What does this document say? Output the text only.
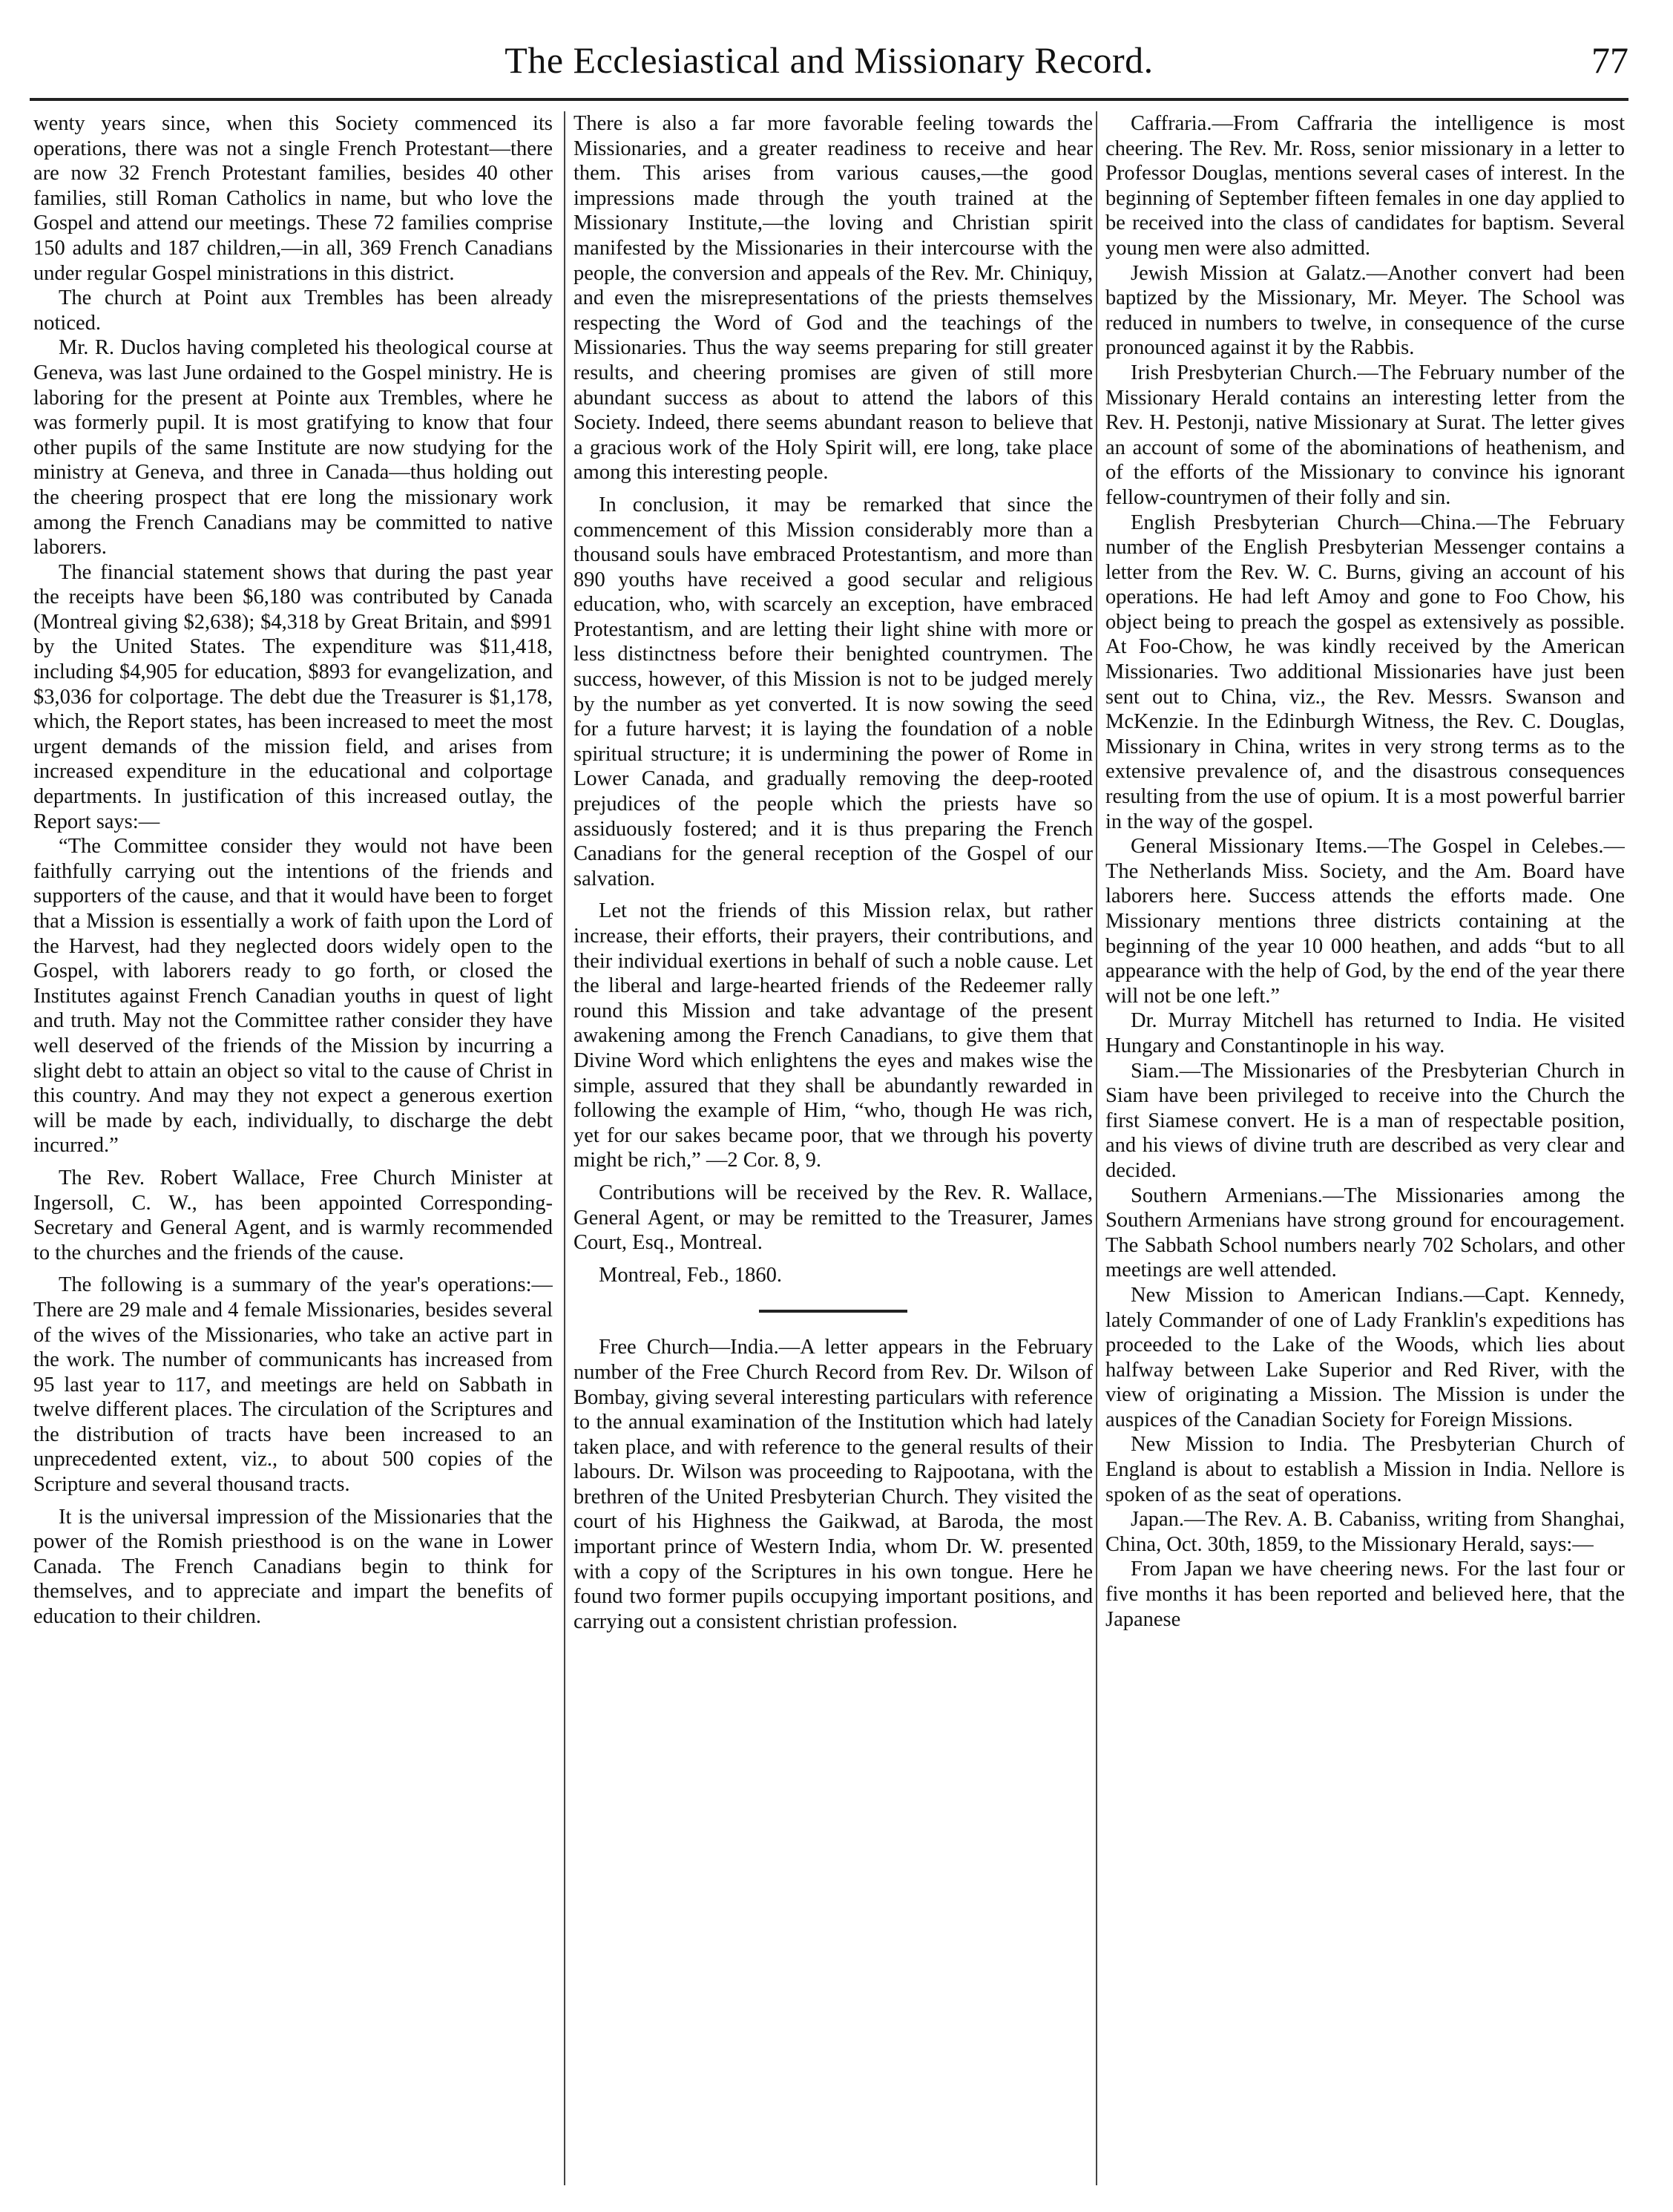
The Ecclesiastical and Missionary Record.	77

wenty years since, when this Society commenced its operations, there was not a single French Protestant—there are now 32 French Protestant families, besides 40 other families, still Roman Catholics in name, but who love the Gospel and attend our meetings. These 72 families comprise 150 adults and 187 children,—in all, 369 French Canadians under regular Gospel ministrations in this district.

The church at Point aux Trembles has been already noticed.

Mr. R. Duclos having completed his theological course at Geneva, was last June ordained to the Gospel ministry. He is laboring for the present at Pointe aux Trembles, where he was formerly pupil. It is most gratifying to know that four other pupils of the same Institute are now studying for the ministry at Geneva, and three in Canada—thus holding out the cheering prospect that ere long the missionary work among the French Canadians may be committed to native laborers.

The financial statement shows that during the past year the receipts have been $6,180 was contributed by Canada (Montreal giving $2,638); $4,318 by Great Britain, and $991 by the United States. The expenditure was $11,418, including $4,905 for education, $893 for evangelization, and $3,036 for colportage. The debt due the Treasurer is $1,178, which, the Report states, has been increased to meet the most urgent demands of the mission field, and arises from increased expenditure in the educational and colportage departments. In justification of this increased outlay, the Report says:—

“The Committee consider they would not have been faithfully carrying out the intentions of the friends and supporters of the cause, and that it would have been to forget that a Mission is essentially a work of faith upon the Lord of the Harvest, had they neglected doors widely open to the Gospel, with laborers ready to go forth, or closed the Institutes against French Canadian youths in quest of light and truth. May not the Committee rather consider they have well deserved of the friends of the Mission by incurring a slight debt to attain an object so vital to the cause of Christ in this country. And may they not expect a generous exertion will be made by each, individually, to discharge the debt incurred.”

The Rev. Robert Wallace, Free Church Minister at Ingersoll, C. W., has been appointed Corresponding-Secretary and General Agent, and is warmly recommended to the churches and the friends of the cause.

The following is a summary of the year's operations:—There are 29 male and 4 female Missionaries, besides several of the wives of the Missionaries, who take an active part in the work. The number of communicants has increased from 95 last year to 117, and meetings are held on Sabbath in twelve different places. The circulation of the Scriptures and the distribution of tracts have been increased to an unprecedented extent, viz., to about 500 copies of the Scripture and several thousand tracts.

It is the universal impression of the Missionaries that the power of the Romish priesthood is on the wane in Lower Canada. The French Canadians begin to think for themselves, and to appreciate and impart the benefits of education to their children.

There is also a far more favorable feeling towards the Missionaries, and a greater readiness to receive and hear them. This arises from various causes,—the good impressions made through the youth trained at the Missionary Institute,—the loving and Christian spirit manifested by the Missionaries in their intercourse with the people, the conversion and appeals of the Rev. Mr. Chiniquy, and even the misrepresentations of the priests themselves respecting the Word of God and the teachings of the Missionaries. Thus the way seems preparing for still greater results, and cheering promises are given of still more abundant success as about to attend the labors of this Society. Indeed, there seems abundant reason to believe that a gracious work of the Holy Spirit will, ere long, take place among this interesting people.

In conclusion, it may be remarked that since the commencement of this Mission considerably more than a thousand souls have embraced Protestantism, and more than 890 youths have received a good secular and religious education, who, with scarcely an exception, have embraced Protestantism, and are letting their light shine with more or less distinctness before their benighted countrymen. The success, however, of this Mission is not to be judged merely by the number as yet converted. It is now sowing the seed for a future harvest; it is laying the foundation of a noble spiritual structure; it is undermining the power of Rome in Lower Canada, and gradually removing the deep-rooted prejudices of the people which the priests have so assiduously fostered; and it is thus preparing the French Canadians for the general reception of the Gospel of our salvation.

Let not the friends of this Mission relax, but rather increase, their efforts, their prayers, their contributions, and their individual exertions in behalf of such a noble cause. Let the liberal and large-hearted friends of the Redeemer rally round this Mission and take advantage of the present awakening among the French Canadians, to give them that Divine Word which enlightens the eyes and makes wise the simple, assured that they shall be abundantly rewarded in following the example of Him, “who, though He was rich, yet for our sakes became poor, that we through his poverty might be rich,” —2 Cor. 8, 9.

Contributions will be received by the Rev. R. Wallace, General Agent, or may be remitted to the Treasurer, James Court, Esq., Montreal.

Montreal, Feb., 1860.

Free Church—India.—A letter appears in the February number of the Free Church Record from Rev. Dr. Wilson of Bombay, giving several interesting particulars with reference to the annual examination of the Institution which had lately taken place, and with reference to the general results of their labours. Dr. Wilson was proceeding to Rajpootana, with the brethren of the United Presbyterian Church. They visited the court of his Highness the Gaikwad, at Baroda, the most important prince of Western India, whom Dr. W. presented with a copy of the Scriptures in his own tongue. Here he found two former pupils occupying important positions, and carrying out a consistent christian profession.

Caffraria.—From Caffraria the intelligence is most cheering. The Rev. Mr. Ross, senior missionary in a letter to Professor Douglas, mentions several cases of interest. In the beginning of September fifteen females in one day applied to be received into the class of candidates for baptism. Several young men were also admitted.

Jewish Mission at Galatz.—Another convert had been baptized by the Missionary, Mr. Meyer. The School was reduced in numbers to twelve, in consequence of the curse pronounced against it by the Rabbis.

Irish Presbyterian Church.—The February number of the Missionary Herald contains an interesting letter from the Rev. H. Pestonji, native Missionary at Surat. The letter gives an account of some of the abominations of heathenism, and of the efforts of the Missionary to convince his ignorant fellow-countrymen of their folly and sin.

English Presbyterian Church—China.—The February number of the English Presbyterian Messenger contains a letter from the Rev. W. C. Burns, giving an account of his operations. He had left Amoy and gone to Foo Chow, his object being to preach the gospel as extensively as possible. At Foo-Chow, he was kindly received by the American Missionaries. Two additional Missionaries have just been sent out to China, viz., the Rev. Messrs. Swanson and McKenzie. In the Edinburgh Witness, the Rev. C. Douglas, Missionary in China, writes in very strong terms as to the extensive prevalence of, and the disastrous consequences resulting from the use of opium. It is a most powerful barrier in the way of the gospel.

General Missionary Items.—The Gospel in Celebes.—The Netherlands Miss. Society, and the Am. Board have laborers here. Success attends the efforts made. One Missionary mentions three districts containing at the beginning of the year 10 000 heathen, and adds “but to all appearance with the help of God, by the end of the year there will not be one left.”

Dr. Murray Mitchell has returned to India. He visited Hungary and Constantinople in his way.

Siam.—The Missionaries of the Presbyterian Church in Siam have been privileged to receive into the Church the first Siamese convert. He is a man of respectable position, and his views of divine truth are described as very clear and decided.

Southern Armenians.—The Missionaries among the Southern Armenians have strong ground for encouragement. The Sabbath School numbers nearly 702 Scholars, and other meetings are well attended.

New Mission to American Indians.—Capt. Kennedy, lately Commander of one of Lady Franklin's expeditions has proceeded to the Lake of the Woods, which lies about halfway between Lake Superior and Red River, with the view of originating a Mission. The Mission is under the auspices of the Canadian Society for Foreign Missions.

New Mission to India. The Presbyterian Church of England is about to establish a Mission in India. Nellore is spoken of as the seat of operations.

Japan.—The Rev. A. B. Cabaniss, writing from Shanghai, China, Oct. 30th, 1859, to the Missionary Herald, says:—

From Japan we have cheering news. For the last four or five months it has been reported and believed here, that the Japanese
